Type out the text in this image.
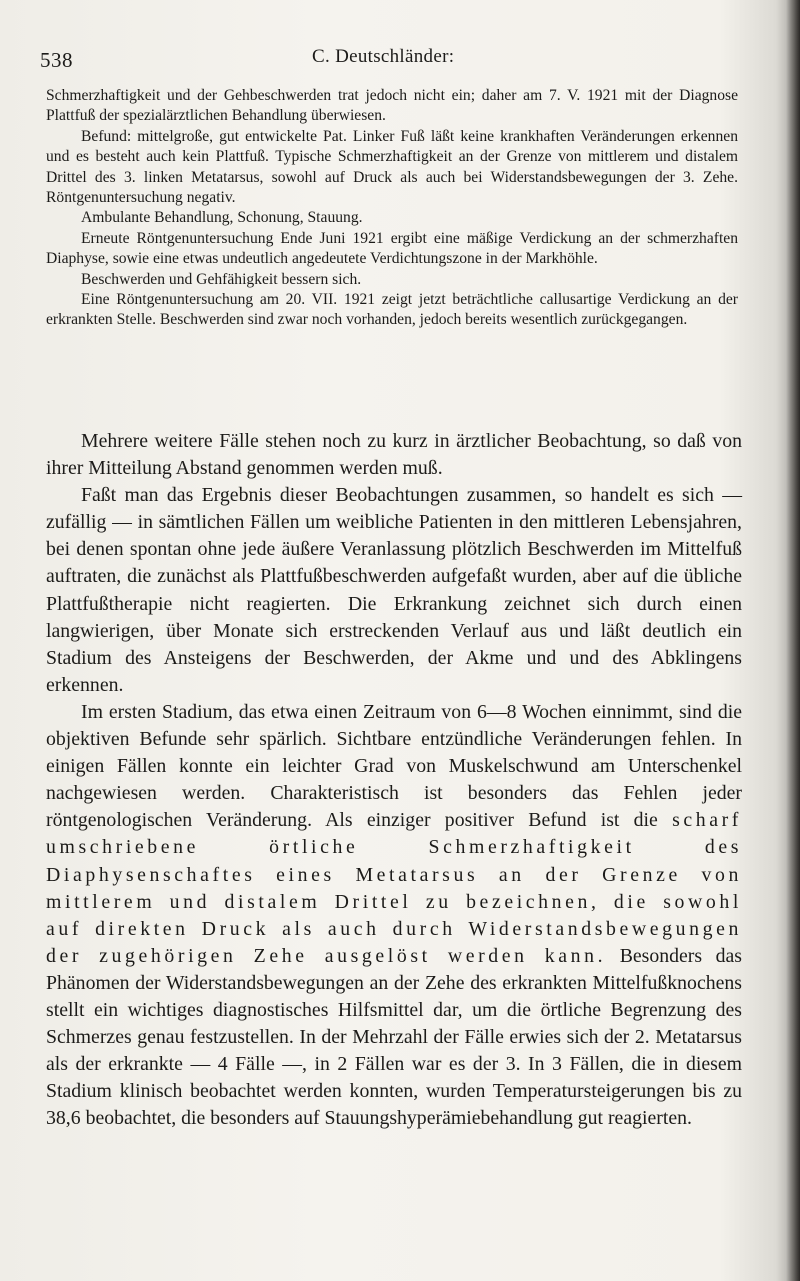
538	C. Deutschländer:

Schmerzhaftigkeit und der Gehbeschwerden trat jedoch nicht ein; daher am 7. V. 1921 mit der Diagnose Plattfuß der spezialärztlichen Behandlung überwiesen.

Befund: mittelgroße, gut entwickelte Pat. Linker Fuß läßt keine krankhaften Veränderungen erkennen und es besteht auch kein Plattfuß. Typische Schmerzhaftigkeit an der Grenze von mittlerem und distalem Drittel des 3. linken Metatarsus, sowohl auf Druck als auch bei Widerstandsbewegungen der 3. Zehe. Röntgenuntersuchung negativ.

Ambulante Behandlung, Schonung, Stauung.

Erneute Röntgenuntersuchung Ende Juni 1921 ergibt eine mäßige Verdickung an der schmerzhaften Diaphyse, sowie eine etwas undeutlich angedeutete Verdichtungszone in der Markhöhle.

Beschwerden und Gehfähigkeit bessern sich.

Eine Röntgenuntersuchung am 20. VII. 1921 zeigt jetzt beträchtliche callusartige Verdickung an der erkrankten Stelle. Beschwerden sind zwar noch vorhanden, jedoch bereits wesentlich zurückgegangen.

Mehrere weitere Fälle stehen noch zu kurz in ärztlicher Beobachtung, so daß von ihrer Mitteilung Abstand genommen werden muß.

Faßt man das Ergebnis dieser Beobachtungen zusammen, so handelt es sich — zufällig — in sämtlichen Fällen um weibliche Patienten in den mittleren Lebensjahren, bei denen spontan ohne jede äußere Veranlassung plötzlich Beschwerden im Mittelfuß auftraten, die zunächst als Plattfußbeschwerden aufgefaßt wurden, aber auf die übliche Plattfußtherapie nicht reagierten. Die Erkrankung zeichnet sich durch einen langwierigen, über Monate sich erstreckenden Verlauf aus und läßt deutlich ein Stadium des Ansteigens der Beschwerden, der Akme und und des Abklingens erkennen.

Im ersten Stadium, das etwa einen Zeitraum von 6—8 Wochen einnimmt, sind die objektiven Befunde sehr spärlich. Sichtbare entzündliche Veränderungen fehlen. In einigen Fällen konnte ein leichter Grad von Muskelschwund am Unterschenkel nachgewiesen werden. Charakteristisch ist besonders das Fehlen jeder röntgenologischen Veränderung. Als einziger positiver Befund ist die scharf umschriebene örtliche Schmerzhaftigkeit des Diaphysenschaftes eines Metatarsus an der Grenze von mittlerem und distalem Drittel zu bezeichnen, die sowohl auf direkten Druck als auch durch Widerstandsbewegungen der zugehörigen Zehe ausgelöst werden kann. Besonders das Phänomen der Widerstandsbewegungen an der Zehe des erkrankten Mittelfußknochens stellt ein wichtiges diagnostisches Hilfsmittel dar, um die örtliche Begrenzung des Schmerzes genau festzustellen. In der Mehrzahl der Fälle erwies sich der 2. Metatarsus als der erkrankte — 4 Fälle —, in 2 Fällen war es der 3. In 3 Fällen, die in diesem Stadium klinisch beobachtet werden konnten, wurden Temperatursteigerungen bis zu 38,6 beobachtet, die besonders auf Stauungshyperämiebehandlung gut reagierten.
